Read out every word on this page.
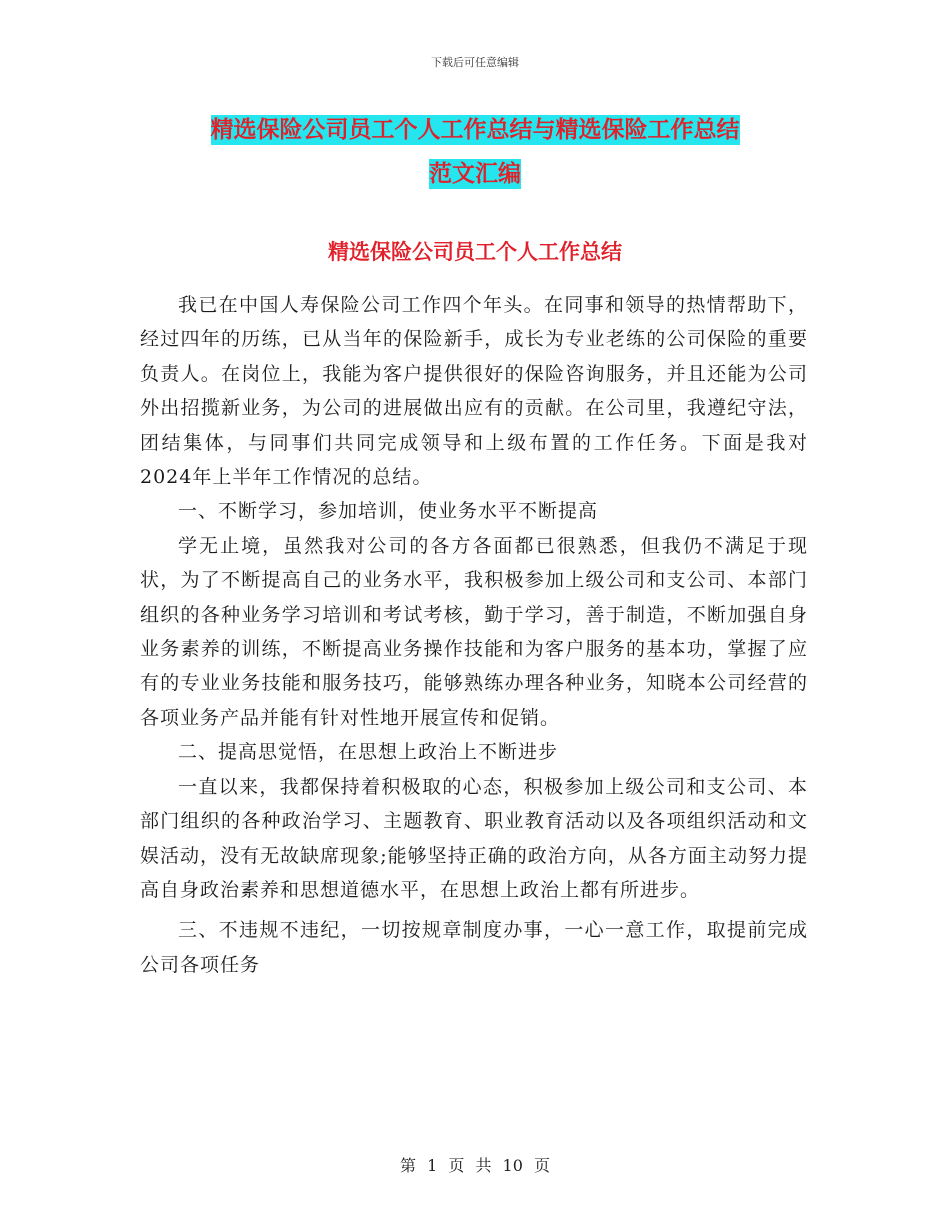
下载后可任意编辑
精选保险公司员工个人工作总结与精选保险工作总结
范文汇编
精选保险公司员工个人工作总结

我已在中国人寿保险公司工作四个年头。在同事和领导的热情帮助下，经过四年的历练，已从当年的保险新手，成长为专业老练的公司保险的重要负责人。在岗位上，我能为客户提供很好的保险咨询服务，并且还能为公司外出招揽新业务，为公司的进展做出应有的贡献。在公司里，我遵纪守法，团结集体，与同事们共同完成领导和上级布置的工作任务。下面是我对2024年上半年工作情况的总结。

一、不断学习，参加培训，使业务水平不断提高

学无止境，虽然我对公司的各方各面都已很熟悉，但我仍不满足于现状，为了不断提高自己的业务水平，我积极参加上级公司和支公司、本部门组织的各种业务学习培训和考试考核，勤于学习，善于制造，不断加强自身业务素养的训练，不断提高业务操作技能和为客户服务的基本功，掌握了应有的专业业务技能和服务技巧，能够熟练办理各种业务，知晓本公司经营的各项业务产品并能有针对性地开展宣传和促销。

二、提高思觉悟，在思想上政治上不断进步

一直以来，我都保持着积极取的心态，积极参加上级公司和支公司、本部门组织的各种政治学习、主题教育、职业教育活动以及各项组织活动和文娱活动，没有无故缺席现象;能够坚持正确的政治方向，从各方面主动努力提高自身政治素养和思想道德水平，在思想上政治上都有所进步。

三、不违规不违纪，一切按规章制度办事，一心一意工作，取提前完成公司各项任务

第 1 页 共 10 页
